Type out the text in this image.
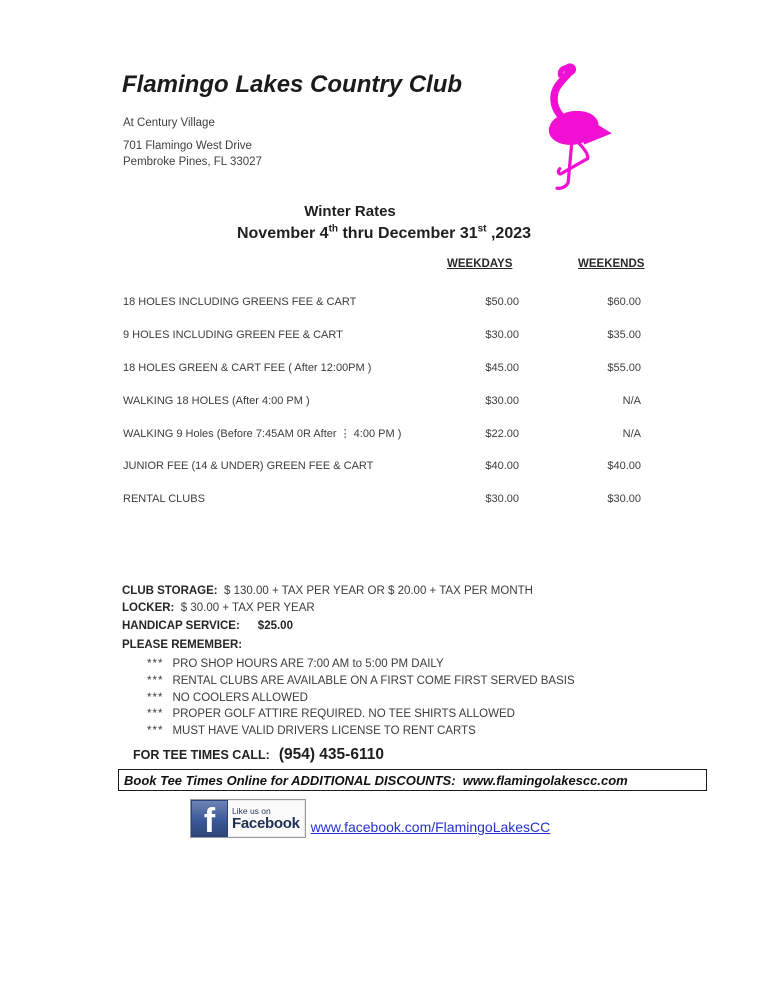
Flamingo Lakes Country Club
At Century Village
701 Flamingo West Drive
Pembroke Pines, FL 33027
Winter Rates
November 4th thru December 31st ,2023
WEEKDAYS	WEEKENDS
18 HOLES INCLUDING GREENS FEE & CART	$50.00	$60.00
9 HOLES INCLUDING GREEN FEE & CART	$30.00	$35.00
18 HOLES GREEN & CART FEE ( After 12:00PM )	$45.00	$55.00
WALKING 18 HOLES (After 4:00 PM )	$30.00	N/A
WALKING 9 Holes (Before 7:45AM 0R After ⋮ 4:00 PM )	$22.00	N/A
JUNIOR FEE (14 & UNDER) GREEN FEE & CART	$40.00	$40.00
RENTAL CLUBS	$30.00	$30.00
CLUB STORAGE: $ 130.00 + TAX PER YEAR OR $ 20.00 + TAX PER MONTH
LOCKER: $ 30.00 + TAX PER YEAR
HANDICAP SERVICE: $25.00
PLEASE REMEMBER:
*** PRO SHOP HOURS ARE 7:00 AM to 5:00 PM DAILY
*** RENTAL CLUBS ARE AVAILABLE ON A FIRST COME FIRST SERVED BASIS
*** NO COOLERS ALLOWED
*** PROPER GOLF ATTIRE REQUIRED. NO TEE SHIRTS ALLOWED
*** MUST HAVE VALID DRIVERS LICENSE TO RENT CARTS
FOR TEE TIMES CALL: (954) 435-6110
Book Tee Times Online for ADDITIONAL DISCOUNTS:  www.flamingolakescc.com
f Like us on
Facebook www.facebook.com/FlamingoLakesCC
